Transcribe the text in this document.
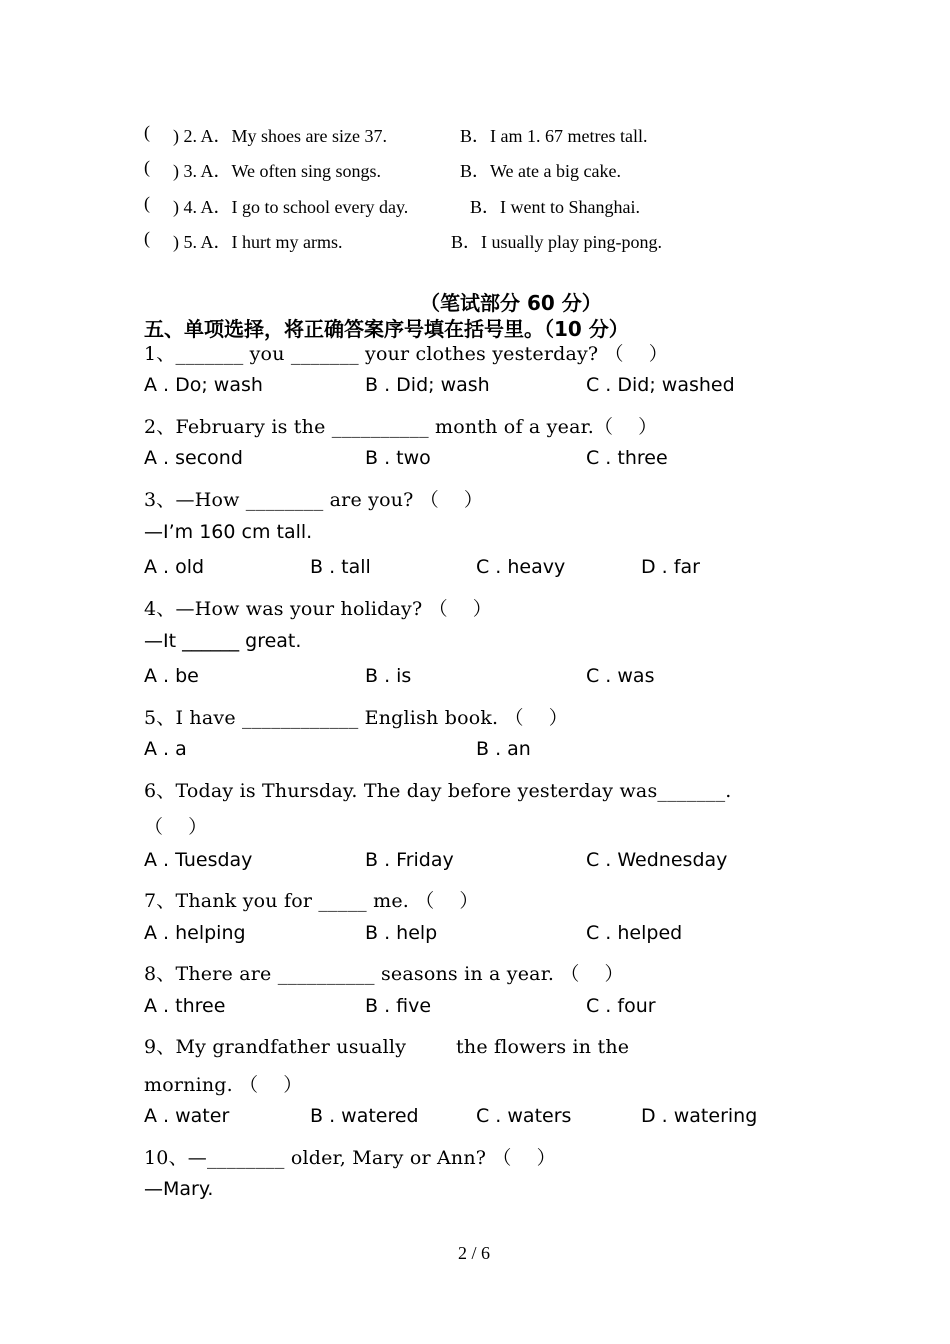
( ) 2. A．My shoes are size 37.	B．I am 1. 67 metres tall.
( ) 3. A．We often sing songs.	B．We ate a big cake.
( ) 4. A．I go to school every day.	B．I went to Shanghai.
( ) 5. A．I hurt my arms.	B．I usually play ping-pong.
（笔试部分 60 分）
五、单项选择，将正确答案序号填在括号里。（10 分）
1、_______ you _______ your clothes yesterday? （    ）
A . Do; wash	B . Did; wash	C . Did; washed
2、February is the __________ month of a year.（    ）
A . second	B . two	C . three
3、—How ________ are you? （    ）
—I’m 160 cm tall.
A . old	B . tall	C . heavy	D . far
4、—How was your holiday? （    ）
—It ______ great.
A . be	B . is	C . was
5、I have ____________ English book. （    ）
A . a	B . an
6、Today is Thursday. The day before yesterday was_______.
（    ）
A . Tuesday	B . Friday	C . Wednesday
7、Thank you for _____ me. （    ）
A . helping	B . help	C . helped
8、There are __________ seasons in a year. （    ）
A . three	B . five	C . four
9、My grandfather usually        the flowers in the
morning. （    ）
A . water	B . watered	C . waters	D . watering
10、—________ older, Mary or Ann? （    ）
—Mary.
2 / 6
